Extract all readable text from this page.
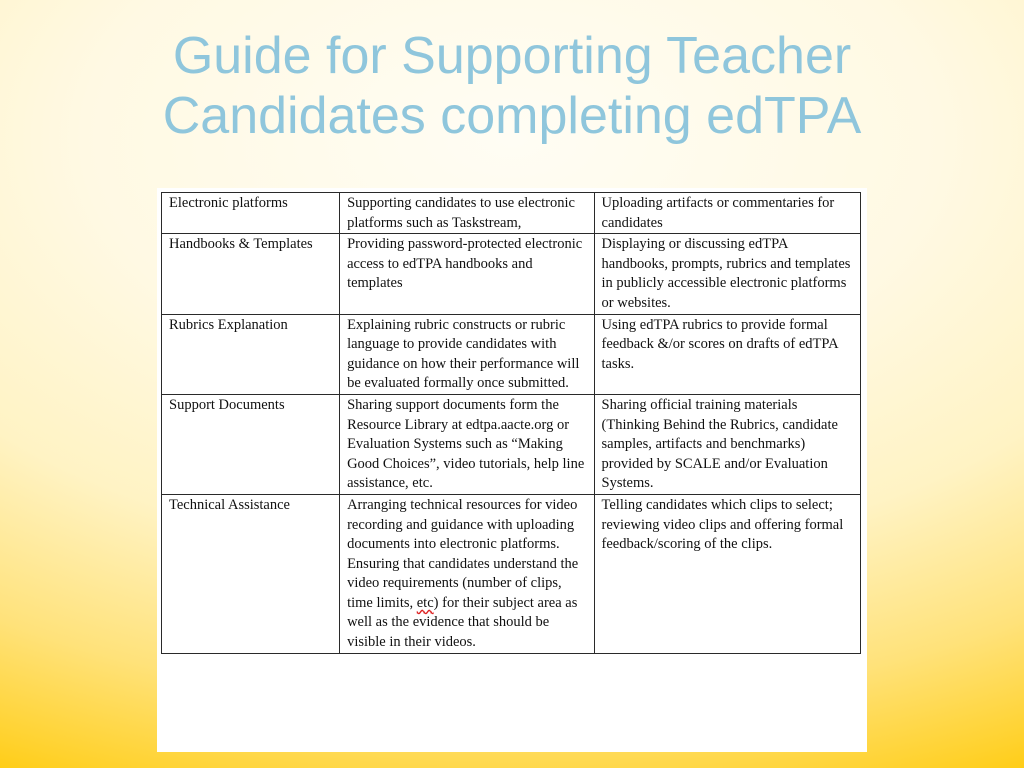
Guide for Supporting Teacher
Candidates completing edTPA
Electronic platforms	Supporting candidates to use electronic platforms such as Taskstream,	Uploading artifacts or commentaries for candidates
Handbooks & Templates	Providing password-protected electronic access to edTPA handbooks and templates	Displaying or discussing edTPA handbooks, prompts, rubrics and templates in publicly accessible electronic platforms or websites.
Rubrics Explanation	Explaining rubric constructs or rubric language to provide candidates with guidance on how their performance will be evaluated formally once submitted.	Using edTPA rubrics to provide formal feedback &/or scores on drafts of edTPA tasks.
Support Documents	Sharing support documents form the Resource Library at edtpa.aacte.org or Evaluation Systems such as “Making Good Choices”, video tutorials, help line assistance, etc.	Sharing official training materials (Thinking Behind the Rubrics, candidate samples, artifacts and benchmarks) provided by SCALE and/or Evaluation Systems.
Technical Assistance	Arranging technical resources for video recording and guidance with uploading documents into electronic platforms. Ensuring that candidates understand the video requirements (number of clips, time limits, etc) for their subject area as well as the evidence that should be visible in their videos.	Telling candidates which clips to select; reviewing video clips and offering formal feedback/scoring of the clips.
